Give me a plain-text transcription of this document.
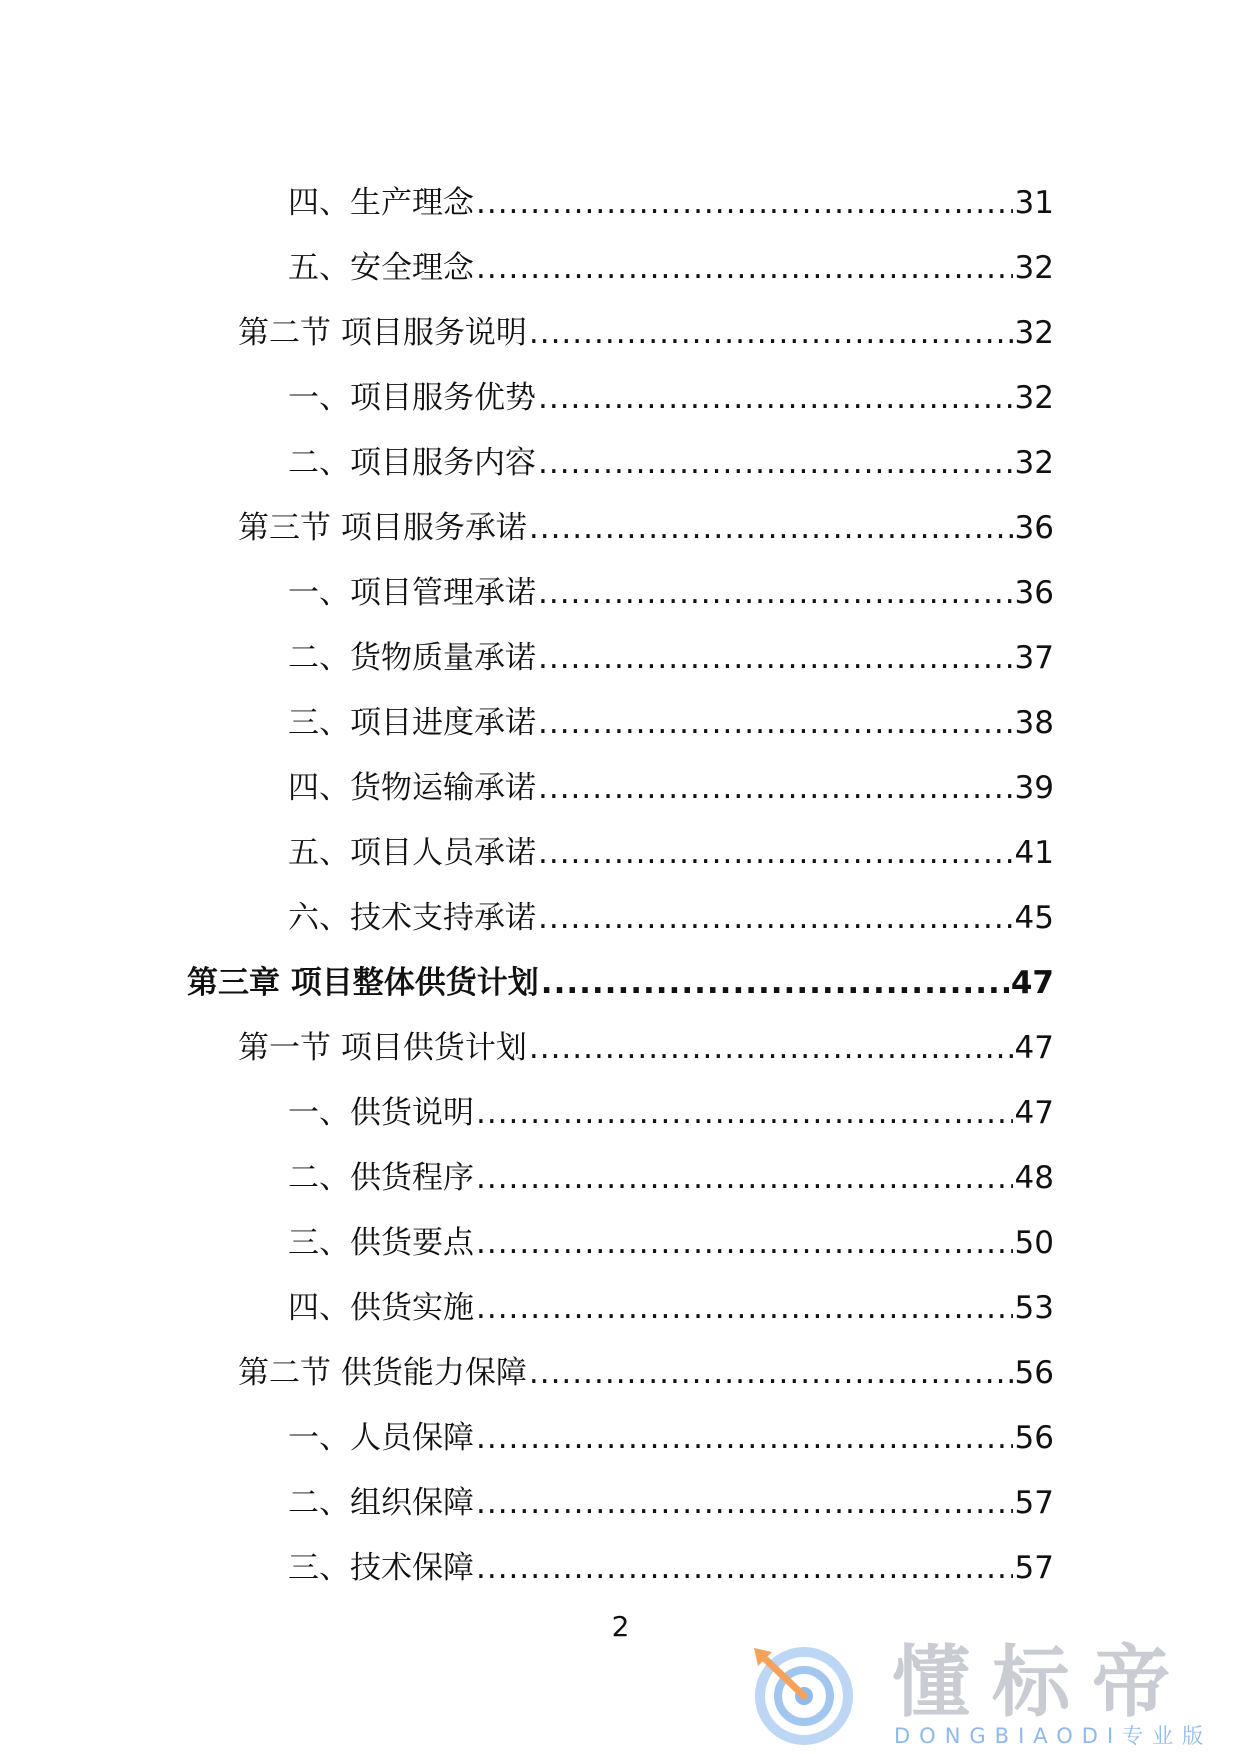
四、生产理念 .....	31
五、安全理念 .....	32
第二节 项目服务说明 .....	32
一、项目服务优势 .....	32
二、项目服务内容 .....	32
第三节 项目服务承诺 .....	36
一、项目管理承诺 .....	36
二、货物质量承诺 .....	37
三、项目进度承诺 .....	38
四、货物运输承诺 .....	39
五、项目人员承诺 .....	41
六、技术支持承诺 .....	45
第三章 项目整体供货计划 .....	47
第一节 项目供货计划 .....	47
一、供货说明 .....	47
二、供货程序 .....	48
三、供货要点 .....	50
四、供货实施 .....	53
第二节 供货能力保障 .....	56
一、人员保障 .....	56
二、组织保障 .....	57
三、技术保障 .....	57
2
懂标帝
DONGBIAODI专业版
